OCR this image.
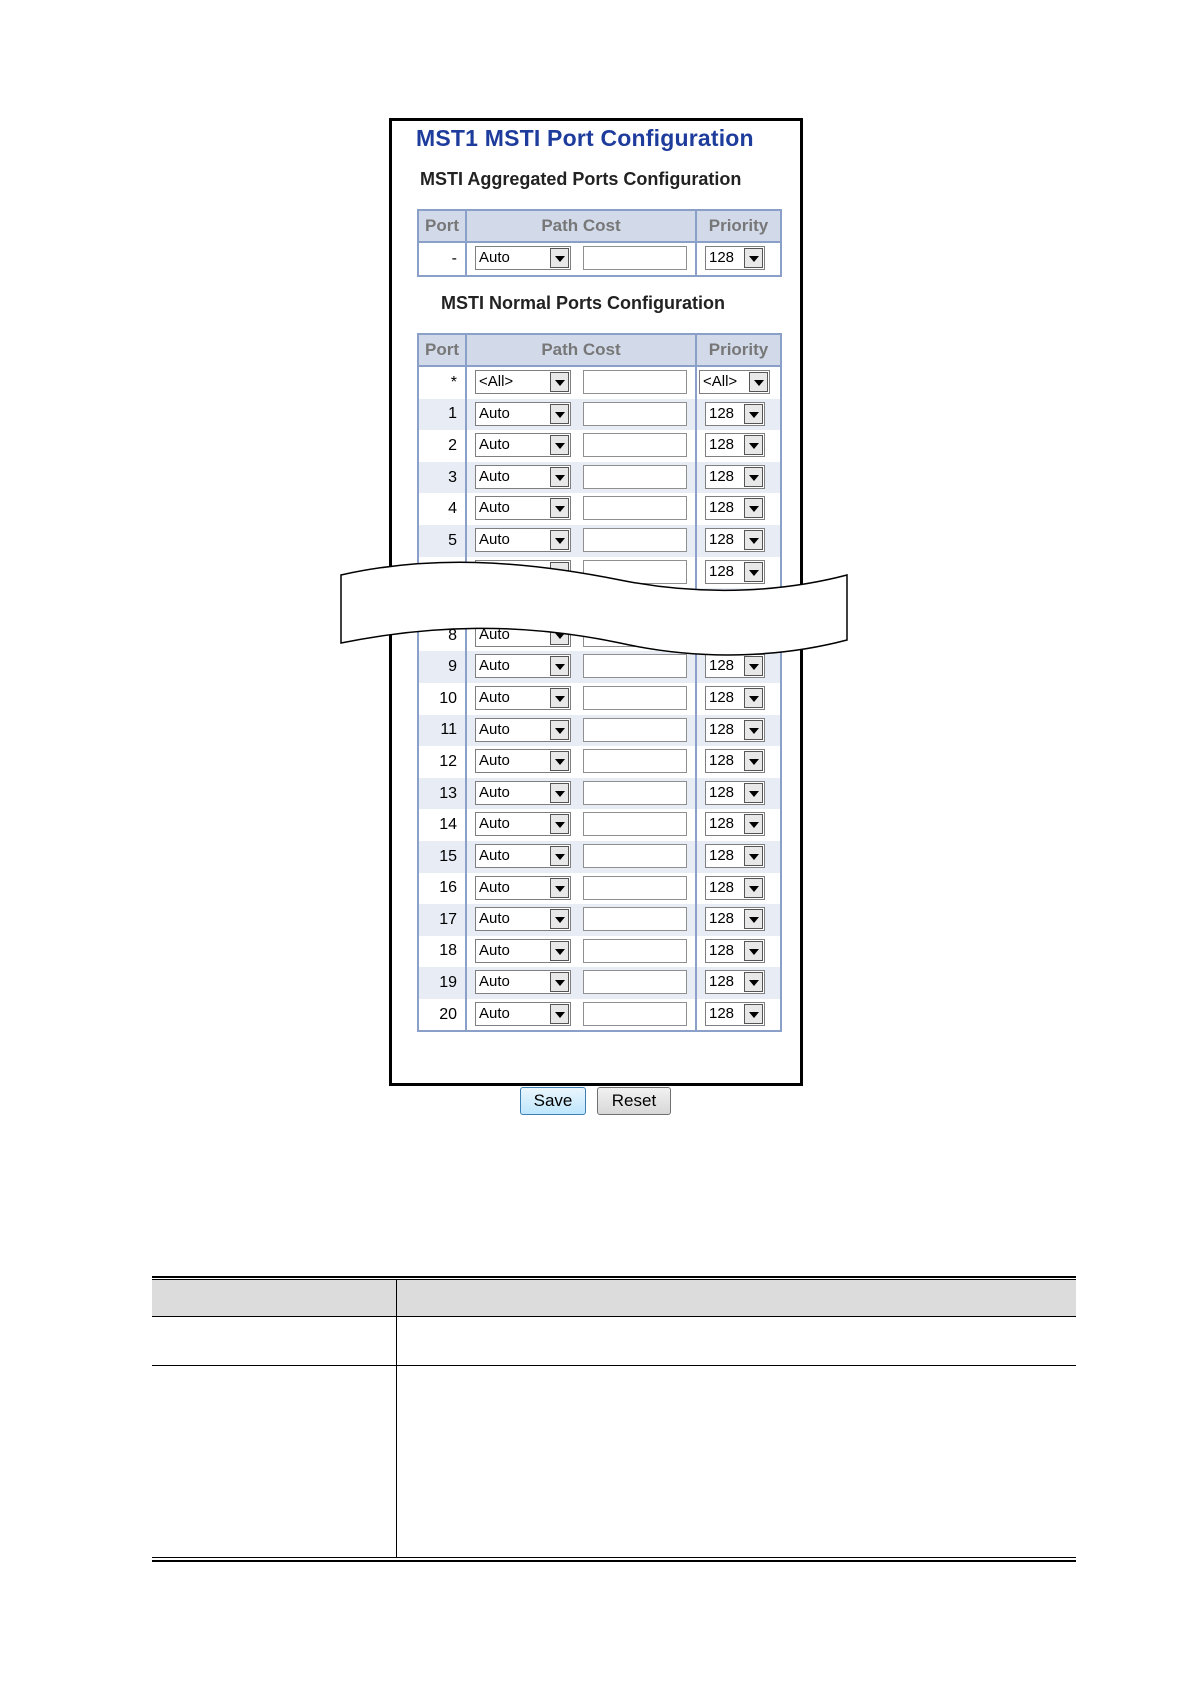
MST1 MSTI Port Configuration
MSTI Aggregated Ports Configuration
Port	Path Cost	Priority
-	Auto	128
MSTI Normal Ports Configuration
Port	Path Cost	Priority
*	<All>	<All>

1	Auto	128

2	Auto	128

3	Auto	128

4	Auto	128

5	Auto	128

128

8	Auto

9	Auto	128

10	Auto	128

11	Auto	128

12	Auto	128

13	Auto	128

14	Auto	128

15	Auto	128

16	Auto	128

17	Auto	128

18	Auto	128

19	Auto	128

20	Auto	128
Save	Reset
